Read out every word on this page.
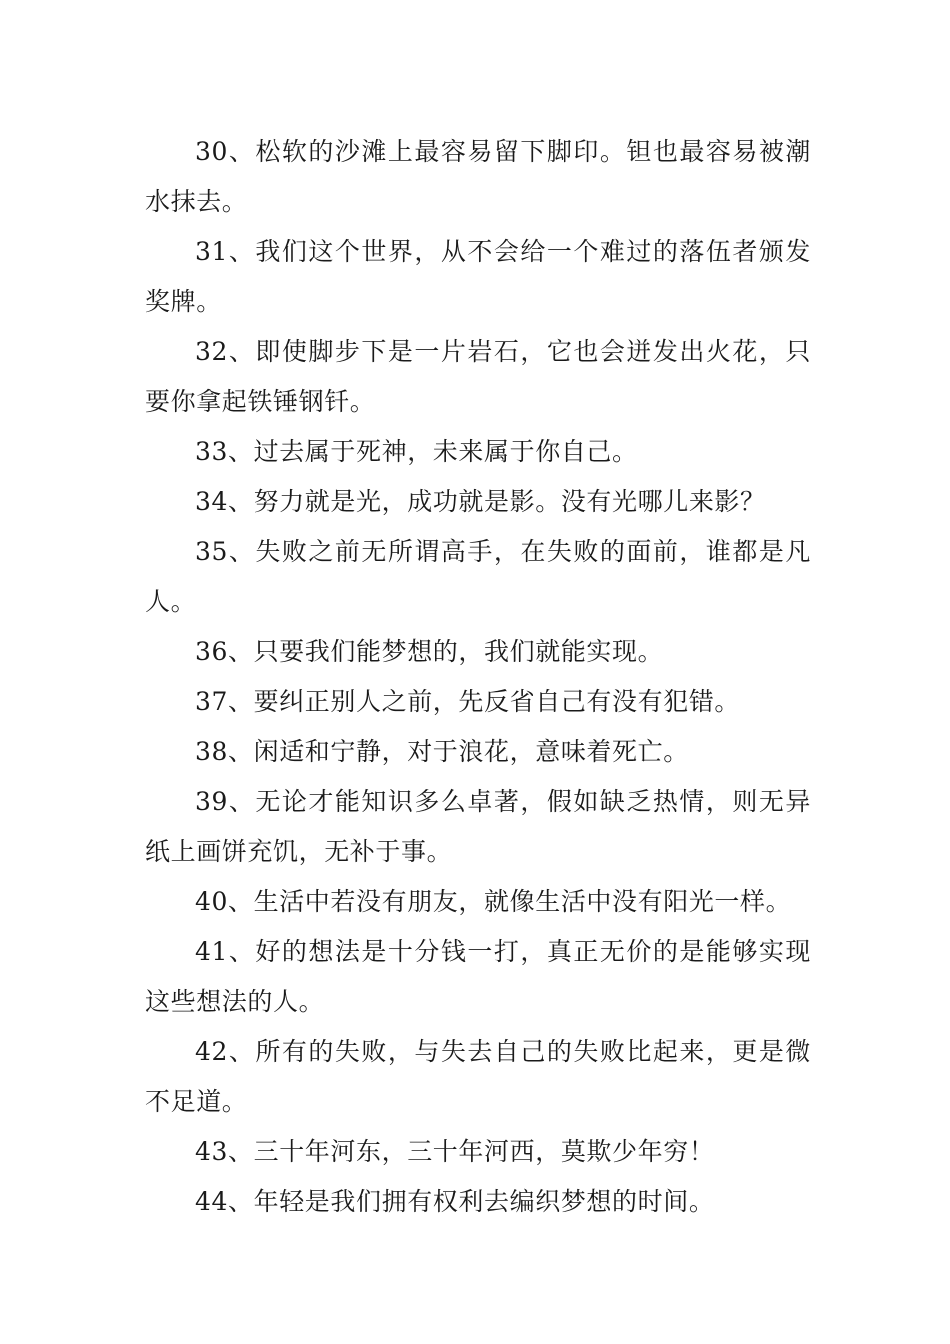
30、松软的沙滩上最容易留下脚印。钽也最容易被潮水抹去。

31、我们这个世界，从不会给一个难过的落伍者颁发奖牌。

32、即使脚步下是一片岩石，它也会迸发出火花，只要你拿起铁锤钢钎。

33、过去属于死神，未来属于你自己。

34、努力就是光，成功就是影。没有光哪儿来影？

35、失败之前无所谓高手，在失败的面前，谁都是凡人。

36、只要我们能梦想的，我们就能实现。

37、要纠正别人之前，先反省自己有没有犯错。

38、闲适和宁静，对于浪花，意味着死亡。

39、无论才能知识多么卓著，假如缺乏热情，则无异纸上画饼充饥，无补于事。

40、生活中若没有朋友，就像生活中没有阳光一样。

41、好的想法是十分钱一打，真正无价的是能够实现这些想法的人。

42、所有的失败，与失去自己的失败比起来，更是微不足道。

43、三十年河东，三十年河西，莫欺少年穷！

44、年轻是我们拥有权利去编织梦想的时间。
